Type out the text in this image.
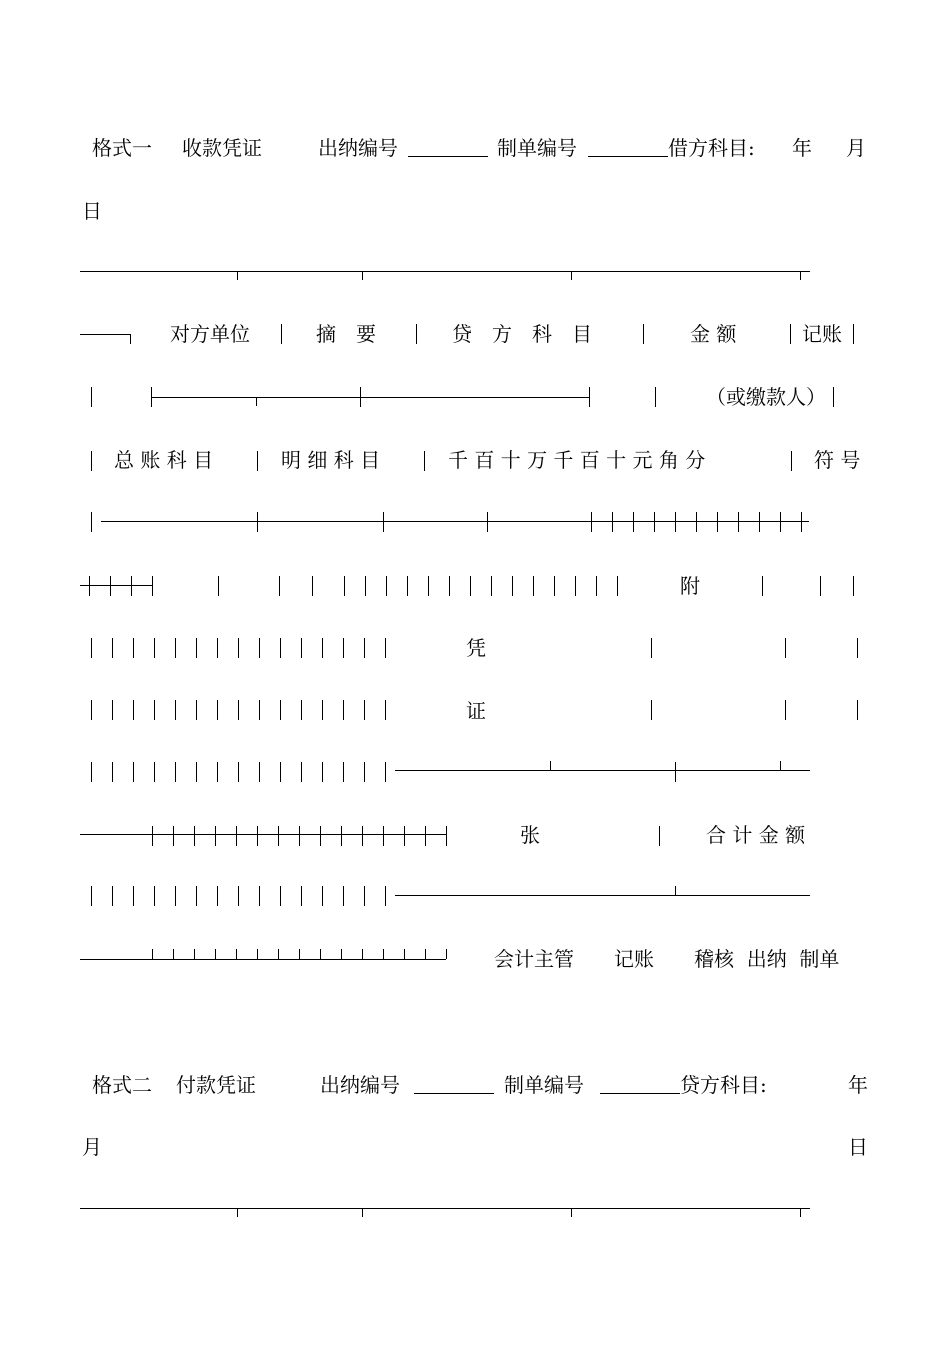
格式一 收款凭证	出纳编号	制单编号	借方科目: 年 月
日
对方单位	摘　要	贷　方　科　目	金 额	记账
（或缴款人）
总 账 科 目	明 细 科 目	千 百 十 万 千 百 十 元 角 分	符 号
附
凭
证
张	合 计 金 额
会计主管　　记账　　稽核  出纳  制单
格式二 付款凭证	出纳编号	制单编号	贷方科目:	年
月	日
